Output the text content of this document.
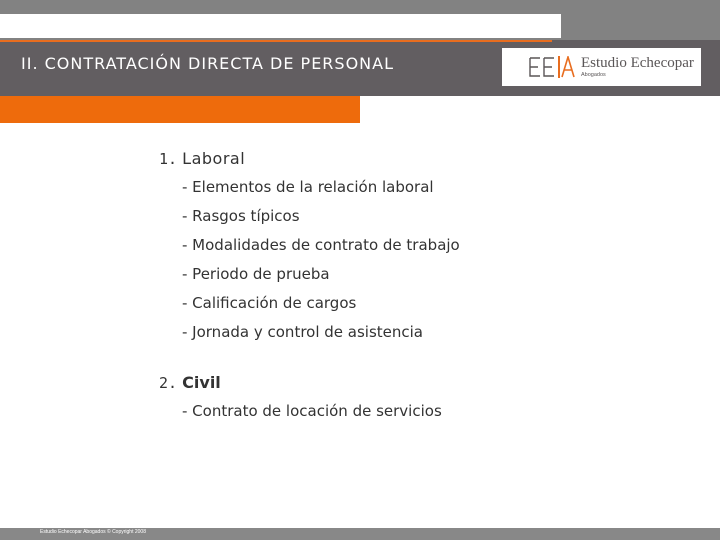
II. CONTRATACIÓN DIRECTA DE PERSONAL	Estudio Echecopar
Abogados
1. Laboral
- Elementos de la relación laboral
- Rasgos típicos
- Modalidades de contrato de trabajo
- Periodo de prueba
- Calificación de cargos
- Jornada y control de asistencia
2. Civil
- Contrato de locación de servicios
Estudio Echecopar Abogados © Copyright 2008
